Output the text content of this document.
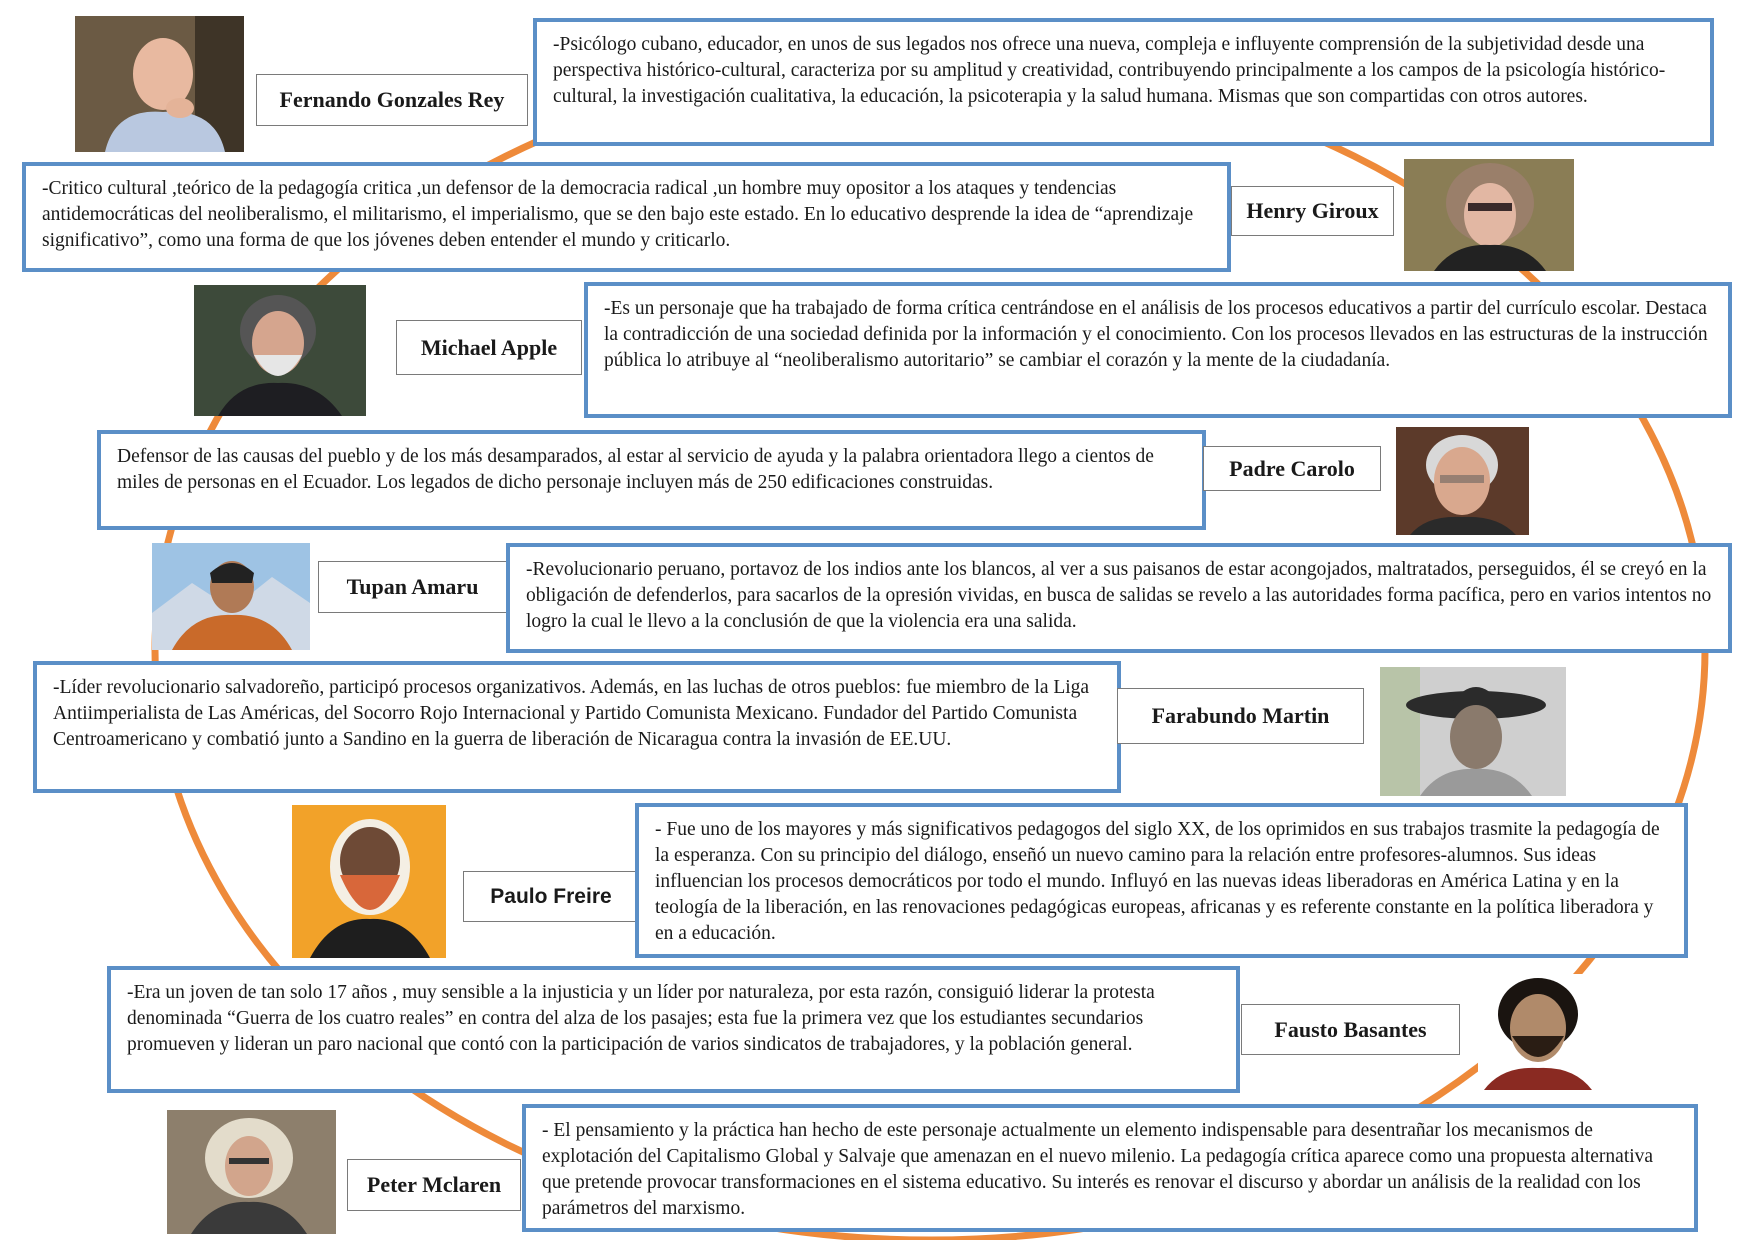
Fernando Gonzales Rey
-Psicólogo cubano, educador, en unos de sus legados nos ofrece una nueva, compleja e influyente comprensión de la subjetividad desde una perspectiva histórico-cultural, caracteriza por su amplitud y creatividad, contribuyendo principalmente a los campos de la psicología histórico-cultural, la investigación cualitativa, la educación, la psicoterapia y la salud humana. Mismas que son compartidas con otros autores.
-Critico cultural ,teórico de la pedagogía critica ,un defensor de la democracia radical ,un hombre muy opositor a los ataques y tendencias antidemocráticas del neoliberalismo, el militarismo, el imperialismo, que se den bajo este estado. En lo educativo desprende la idea de “aprendizaje significativo”, como una forma de que los jóvenes deben entender el mundo y criticarlo.
Henry Giroux
Michael Apple
-Es un personaje que ha trabajado de forma crítica centrándose en el análisis de los procesos educativos a partir del currículo escolar. Destaca la contradicción de una sociedad definida por la información y el conocimiento. Con los procesos llevados en las estructuras de la instrucción pública lo atribuye al “neoliberalismo autoritario” se cambiar el corazón y la mente de la ciudadanía.
Defensor de las causas del pueblo y de los más desamparados, al estar al servicio de ayuda y la palabra orientadora llego a cientos de miles de personas en el Ecuador. Los legados de dicho personaje incluyen más de 250 edificaciones construidas.
Padre Carolo
Tupan Amaru
-Revolucionario peruano, portavoz de los indios ante los blancos, al ver a sus paisanos de estar acongojados, maltratados, perseguidos, él se creyó en la obligación de defenderlos, para sacarlos de la opresión vividas, en busca de salidas se revelo a las autoridades forma pacífica, pero en varios intentos no logro la cual le llevo a la conclusión de que la violencia era una salida.
-Líder revolucionario salvadoreño, participó procesos organizativos. Además, en las luchas de otros pueblos: fue miembro de la Liga Antiimperialista de Las Américas, del Socorro Rojo Internacional y Partido Comunista Mexicano. Fundador del Partido Comunista Centroamericano y combatió junto a Sandino en la guerra de liberación de Nicaragua contra la invasión de EE.UU.
Farabundo Martin
Paulo Freire
- Fue uno de los mayores y más significativos pedagogos del siglo XX, de los oprimidos en sus trabajos trasmite la pedagogía de la esperanza. Con su principio del diálogo, enseñó un nuevo camino para la relación entre profesores-alumnos. Sus ideas influencian los procesos democráticos por todo el mundo. Influyó en las nuevas ideas liberadoras en América Latina y en la teología de la liberación, en las renovaciones pedagógicas europeas, africanas y es referente constante en la política liberadora y en a educación.
-Era un joven de tan solo 17 años , muy sensible a la injusticia y un líder por naturaleza, por esta razón, consiguió liderar la protesta denominada “Guerra de los cuatro reales” en contra del alza de los pasajes; esta fue la primera vez que los estudiantes secundarios promueven y lideran un paro nacional que contó con la participación de varios sindicatos de trabajadores, y la población general.
Fausto Basantes
Peter Mclaren
- El pensamiento y la práctica han hecho de este personaje actualmente un elemento indispensable para desentrañar los mecanismos de explotación del Capitalismo Global y Salvaje que amenazan en el nuevo milenio. La pedagogía crítica aparece como una propuesta alternativa que pretende provocar transformaciones en el sistema educativo. Su interés es renovar el discurso y abordar un análisis de la realidad con los parámetros del marxismo.
